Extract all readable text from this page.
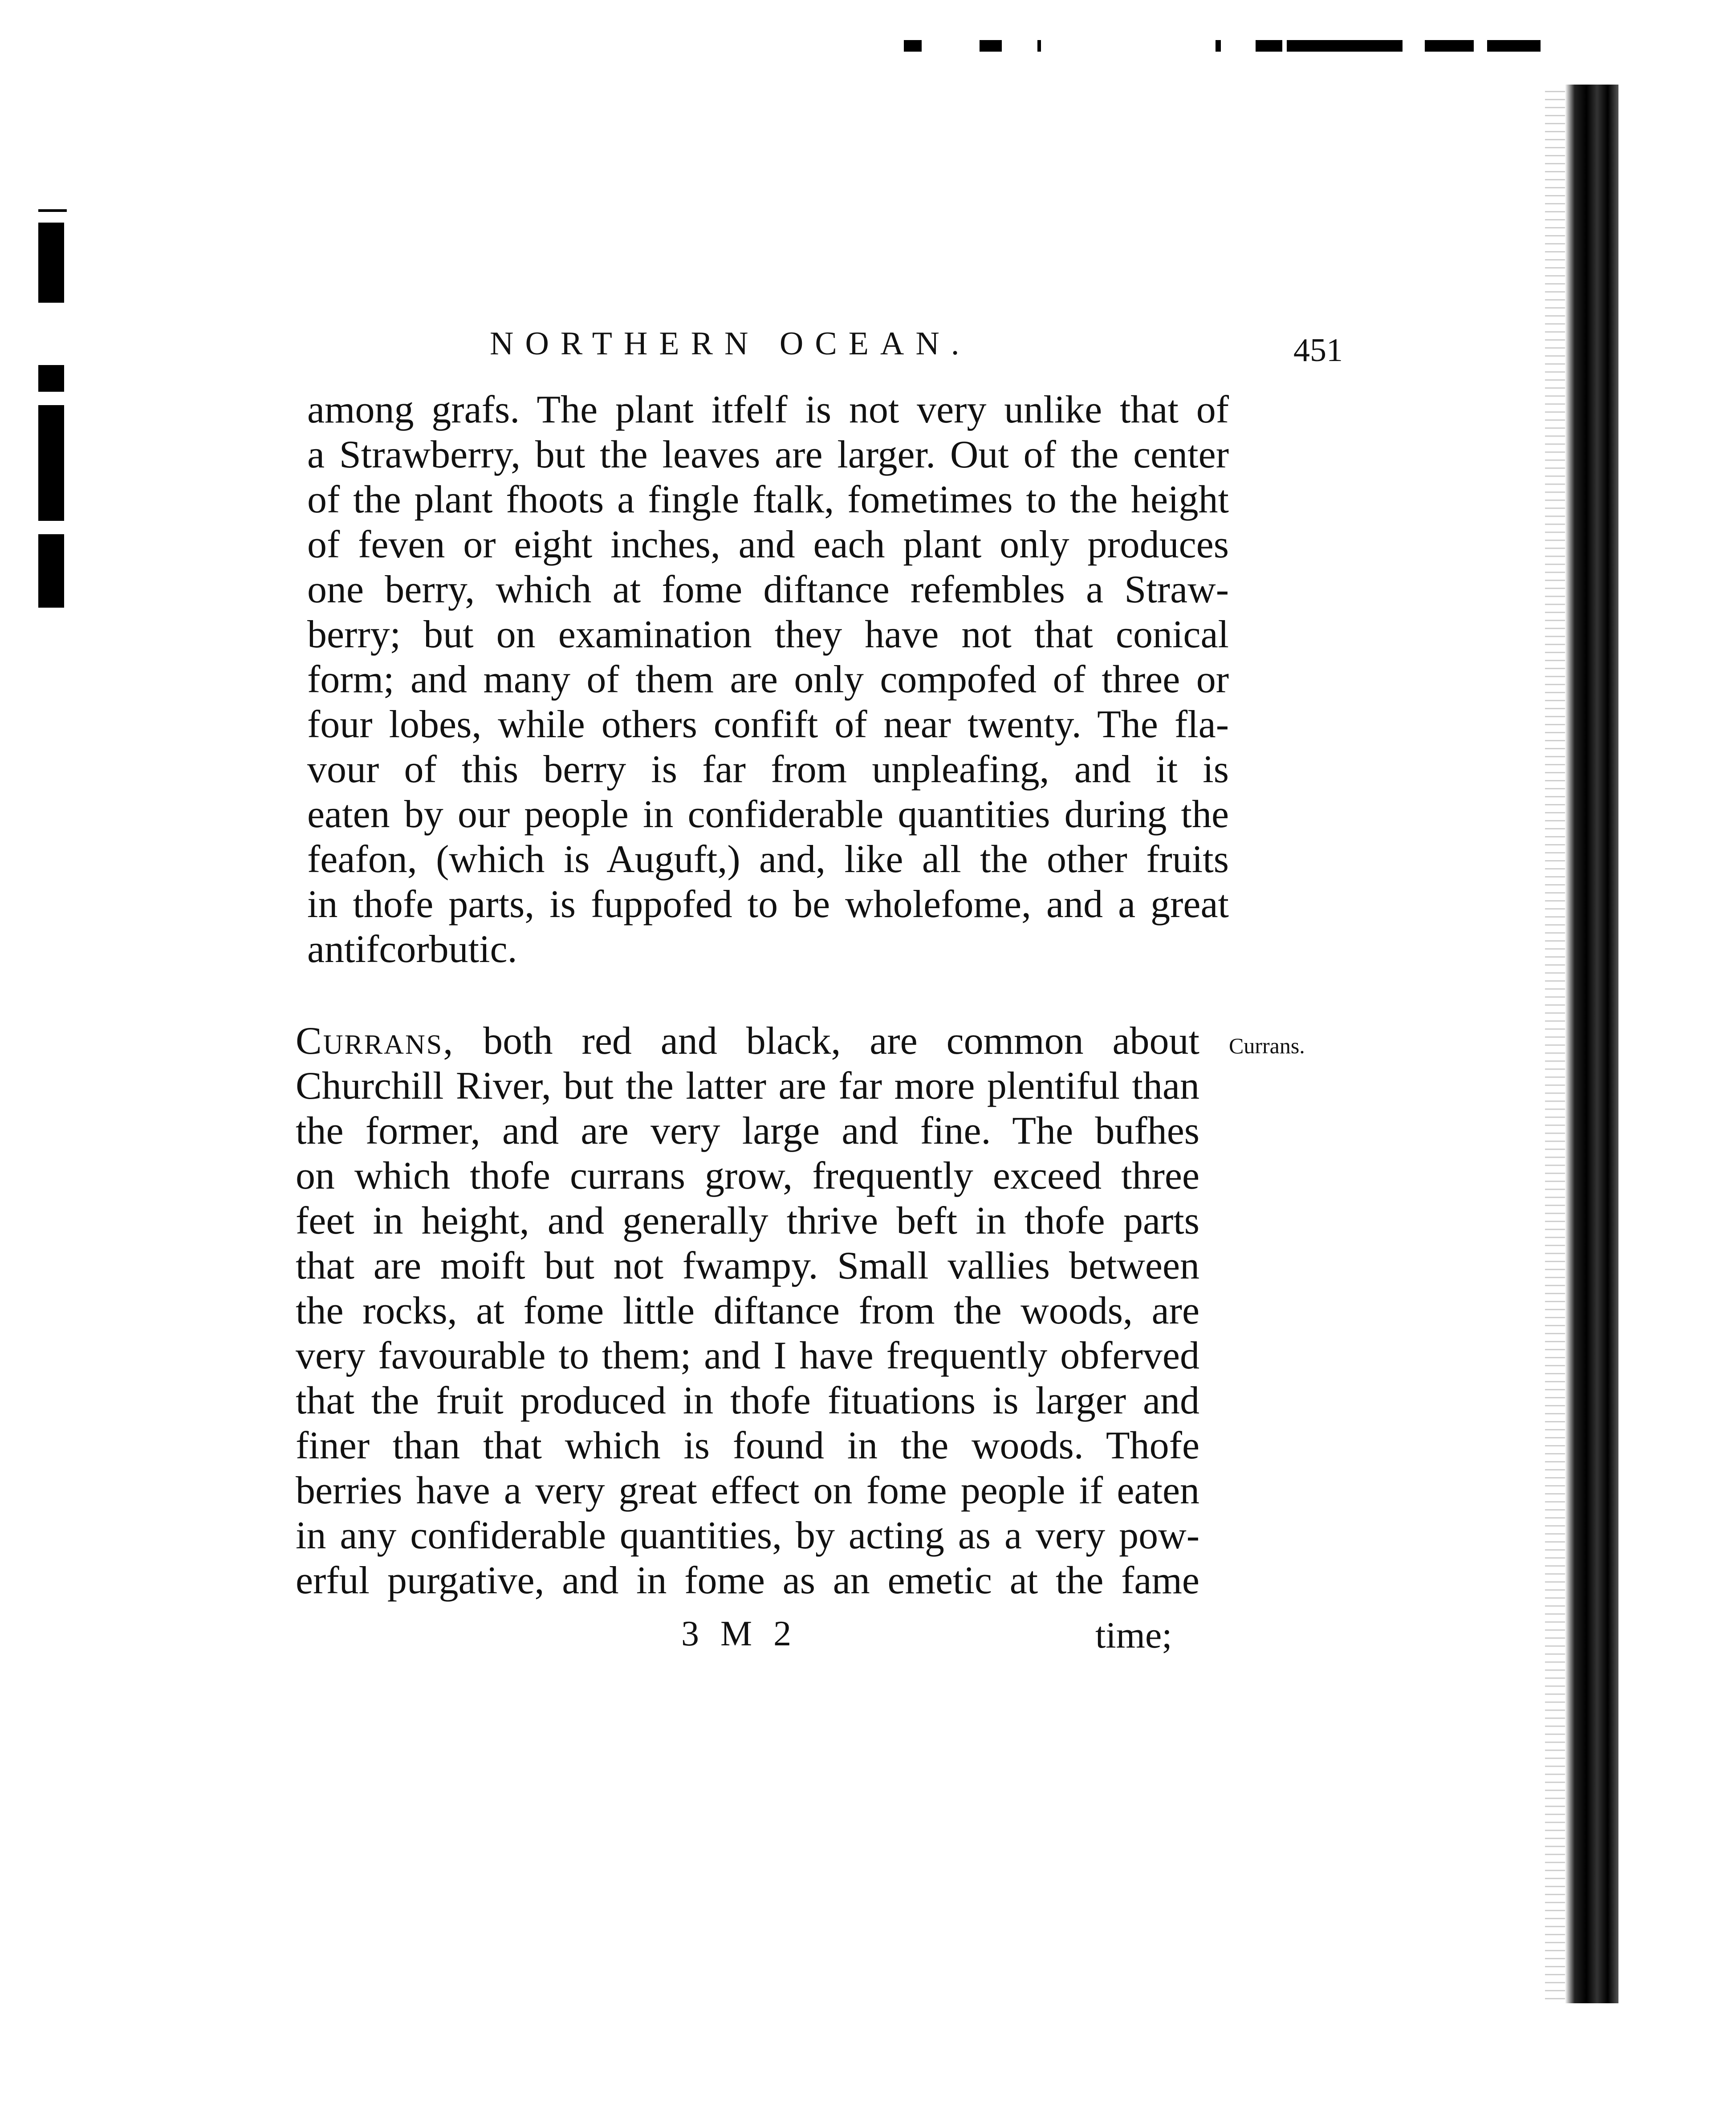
NORTHERN OCEAN.	451
among grafs. The plant itfelf is not very unlike that of
a Strawberry, but the leaves are larger. Out of the center
of the plant fhoots a fingle ftalk, fometimes to the height
of feven or eight inches, and each plant only produces
one berry, which at fome diftance refembles a Straw-
berry; but on examination they have not that conical
form; and many of them are only compofed of three or
four lobes, while others confift of near twenty. The fla-
vour of this berry is far from unpleafing, and it is
eaten by our people in confiderable quantities during the
feafon, (which is Auguft,) and, like all the other fruits
in thofe parts, is fuppofed to be wholefome, and a great
antifcorbutic.
Currans, both red and black, are common about
Churchill River, but the latter are far more plentiful than
the former, and are very large and fine. The bufhes
on which thofe currans grow, frequently exceed three
feet in height, and generally thrive beft in thofe parts
that are moift but not fwampy. Small vallies between
the rocks, at fome little diftance from the woods, are
very favourable to them; and I have frequently obferved
that the fruit produced in thofe fituations is larger and
finer than that which is found in the woods. Thofe
berries have a very great effect on fome people if eaten
in any confiderable quantities, by acting as a very pow-
erful purgative, and in fome as an emetic at the fame
Currans.
3 M 2	time;
